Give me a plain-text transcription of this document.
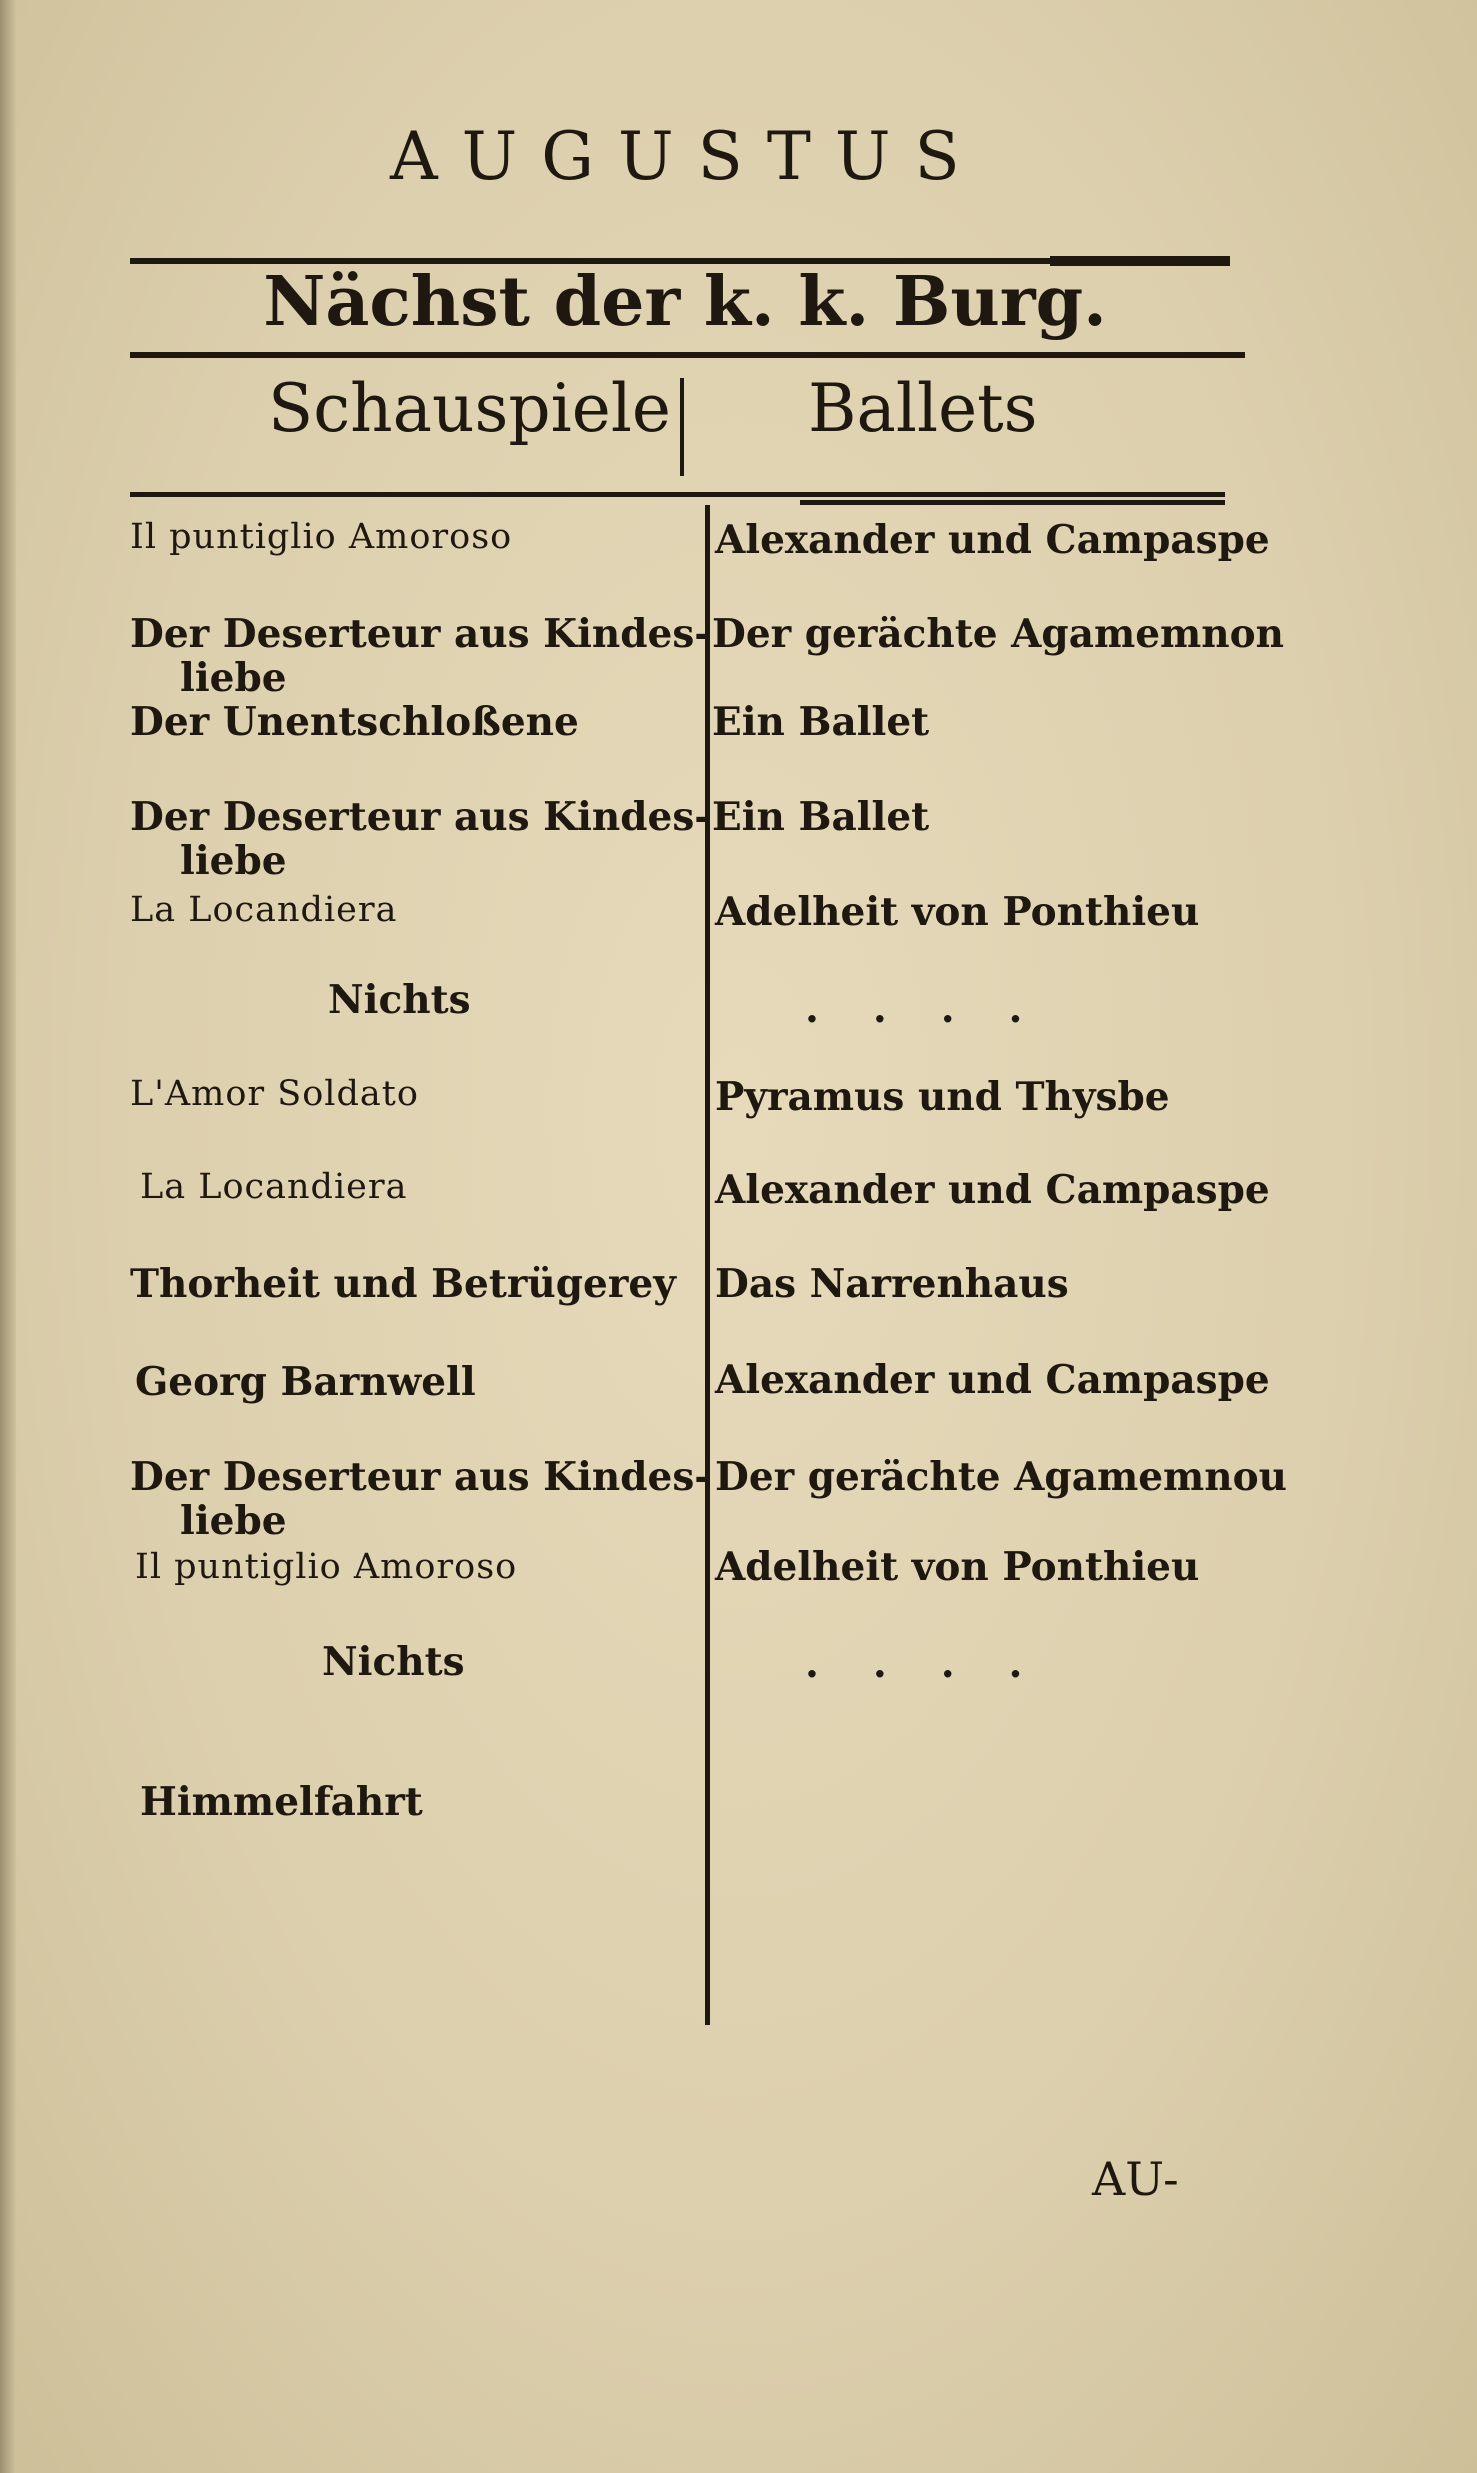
AUGUSTUS
Nächst der k. k. Burg.
Schauspiele Ballets
Il puntiglio Amoroso
Der Deserteur aus Kindes-
liebe
Der Unentschloßene
Der Deserteur aus Kindes-
liebe
La Locandiera
Nichts
L'Amor Soldato
La Locandiera
Thorheit und Betrügerey
Georg Barnwell
Der Deserteur aus Kindes-
liebe
Il puntiglio Amoroso
Nichts
Himmelfahrt
Alexander und Campaspe
Der gerächte Agamemnon
Ein Ballet
Ein Ballet
Adelheit von Ponthieu
. . . .
Pyramus und Thysbe
Alexander und Campaspe
Das Narrenhaus
Alexander und Campaspe
Der gerächte Agamemnou
Adelheit von Ponthieu
. . . .

AU-
